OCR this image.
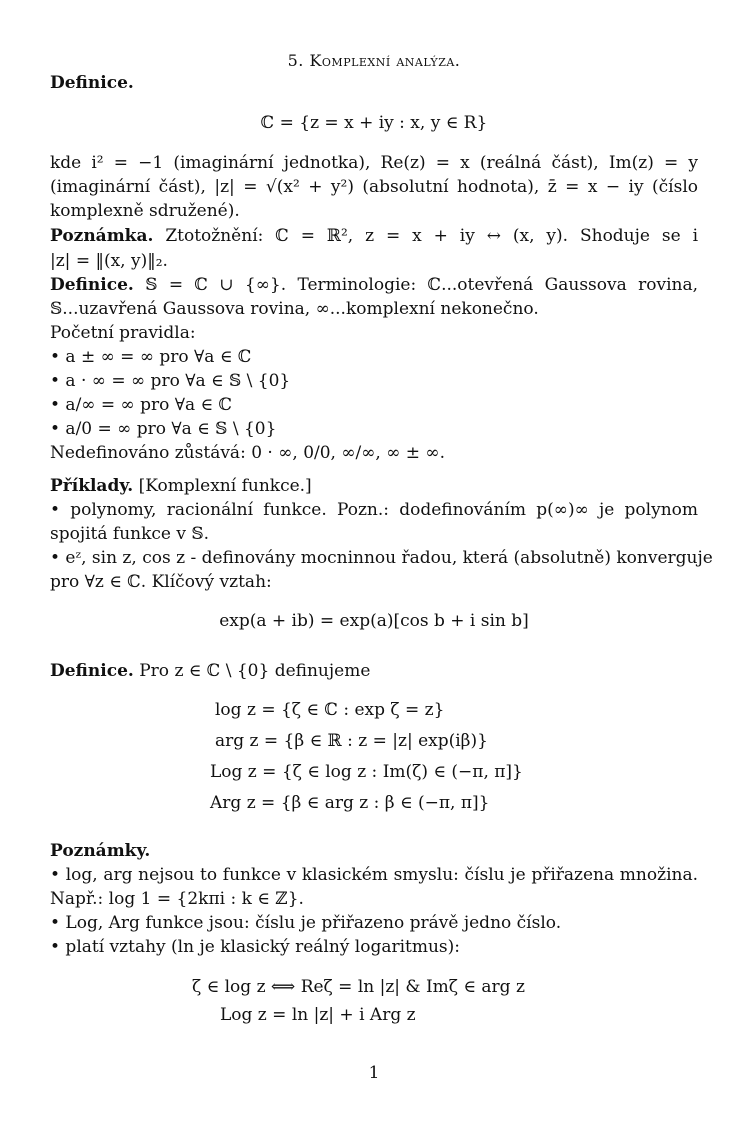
5. Komplexní analýza.
Definice.
ℂ = {z = x + iy : x, y ∈ R}
kde i² = −1 (imaginární jednotka), Re(z) = x (reálná část), Im(z) = y
(imaginární část), |z| = √(x² + y²) (absolutní hodnota), z̄ = x − iy (číslo
komplexně sdružené).
Poznámka. Ztotožnění: ℂ = ℝ², z = x + iy ↔ (x, y). Shoduje se i
|z| = ‖(x, y)‖₂.
Definice. 𝕊 = ℂ ∪ {∞}. Terminologie: ℂ...otevřená Gaussova rovina,
𝕊...uzavřená Gaussova rovina, ∞...komplexní nekonečno.
Početní pravidla:
• a ± ∞ = ∞ pro ∀a ∈ ℂ
• a · ∞ = ∞ pro ∀a ∈ 𝕊 \ {0}
• a/∞ = ∞ pro ∀a ∈ ℂ
• a/0 = ∞ pro ∀a ∈ 𝕊 \ {0}
Nedefinováno zůstává: 0 · ∞, 0/0, ∞/∞, ∞ ± ∞.
Příklady. [Komplexní funkce.]
• polynomy, racionální funkce. Pozn.: dodefinováním p(∞)∞ je polynom
spojitá funkce v 𝕊.
• eᶻ, sin z, cos z - definovány mocninnou řadou, která (absolutně) konverguje
pro ∀z ∈ ℂ. Klíčový vztah:
exp(a + ib) = exp(a)[cos b + i sin b]
Definice. Pro z ∈ ℂ \ {0} definujeme
log z = {ζ ∈ ℂ : exp ζ = z}
arg z = {β ∈ ℝ : z = |z| exp(iβ)}
Log z = {ζ ∈ log z : Im(ζ) ∈ (−π, π]}
Arg z = {β ∈ arg z : β ∈ (−π, π]}
Poznámky.
• log, arg nejsou to funkce v klasickém smyslu: číslu je přiřazena množina.
Např.: log 1 = {2kπi : k ∈ ℤ}.
• Log, Arg funkce jsou: číslu je přiřazeno právě jedno číslo.
• platí vztahy (ln je klasický reálný logaritmus):
ζ ∈ log z ⟺ Reζ = ln |z| & Imζ ∈ arg z
Log z = ln |z| + i Arg z
1
